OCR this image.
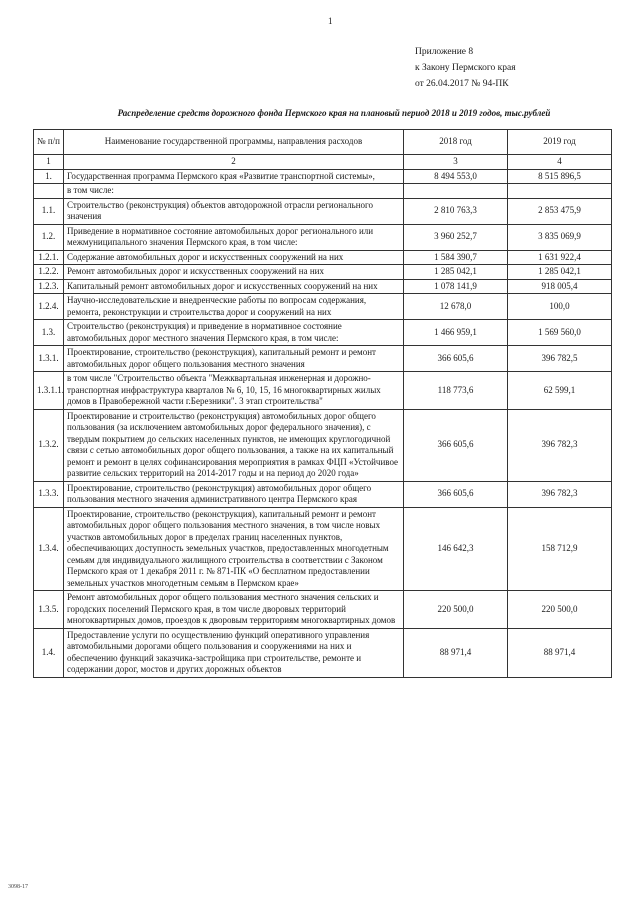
1
Приложение 8
к Закону Пермского края
от 26.04.2017 № 94-ПК
Распределение средств дорожного фонда Пермского края на плановый период 2018 и 2019 годов, тыс.рублей
№ п/п	Наименование государственной программы, направления расходов	2018 год	2019 год
1	2	3	4
1.	Государственная программа Пермского края «Развитие транспортной системы»,	8 494 553,0	8 515 896,5
	в том числе:		
1.1.	Строительство (реконструкция) объектов автодорожной отрасли регионального значения	2 810 763,3	2 853 475,9
1.2.	Приведение в нормативное состояние автомобильных дорог регионального или межмуниципального значения Пермского края, в том числе:	3 960 252,7	3 835 069,9
1.2.1.	Содержание автомобильных дорог и искусственных сооружений на них	1 584 390,7	1 631 922,4
1.2.2.	Ремонт автомобильных дорог и искусственных сооружений на них	1 285 042,1	1 285 042,1
1.2.3.	Капитальный ремонт автомобильных дорог и искусственных сооружений на них	1 078 141,9	918 005,4
1.2.4.	Научно-исследовательские и внедренческие работы по вопросам содержания, ремонта, реконструкции и строительства дорог и сооружений на них	12 678,0	100,0
1.3.	Строительство (реконструкция) и приведение в нормативное состояние автомобильных дорог местного значения Пермского края, в том числе:	1 466 959,1	1 569 560,0
1.3.1.	Проектирование, строительство (реконструкция), капитальный ремонт и ремонт автомобильных дорог общего пользования местного значения	366 605,6	396 782,5
1.3.1.1.	в том числе "Строительство объекта "Межквартальная инженерная и дорожно-транспортная инфраструктура кварталов № 6, 10, 15, 16 многоквартирных жилых домов в Правобережной части г.Березники". 3 этап строительства"	118 773,6	62 599,1
1.3.2.	Проектирование и строительство (реконструкция) автомобильных дорог общего пользования (за исключением автомобильных дорог федерального значения), с твердым покрытием до сельских населенных пунктов, не имеющих круглогодичной связи с сетью автомобильных дорог общего пользования, а также на их капитальный ремонт и ремонт в целях софинансирования мероприятия в рамках ФЦП «Устойчивое развитие сельских территорий на 2014-2017 годы и на период до 2020 года»	366 605,6	396 782,3
1.3.3.	Проектирование, строительство (реконструкция) автомобильных дорог общего пользования местного значения административного центра Пермского края	366 605,6	396 782,3
1.3.4.	Проектирование, строительство (реконструкция), капитальный ремонт и ремонт автомобильных дорог общего пользования местного значения, в том числе новых участков автомобильных дорог в пределах границ населенных пунктов, обеспечивающих доступность земельных участков, предоставленных многодетным семьям для индивидуального жилищного строительства в соответствии с Законом Пермского края от 1 декабря 2011 г. № 871-ПК «О бесплатном предоставлении земельных участков многодетным семьям в Пермском крае»	146 642,3	158 712,9
1.3.5.	Ремонт автомобильных дорог общего пользования местного значения сельских и городских поселений Пермского края, в том числе дворовых территорий многоквартирных домов, проездов к дворовым территориям многоквартирных домов	220 500,0	220 500,0
1.4.	Предоставление услуги по осуществлению функций оперативного управления автомобильными дорогами общего пользования и сооружениями на них и обеспечению функций заказчика-застройщика при строительстве, ремонте и содержании дорог, мостов и других дорожных объектов	88 971,4	88 971,4
3098-17
